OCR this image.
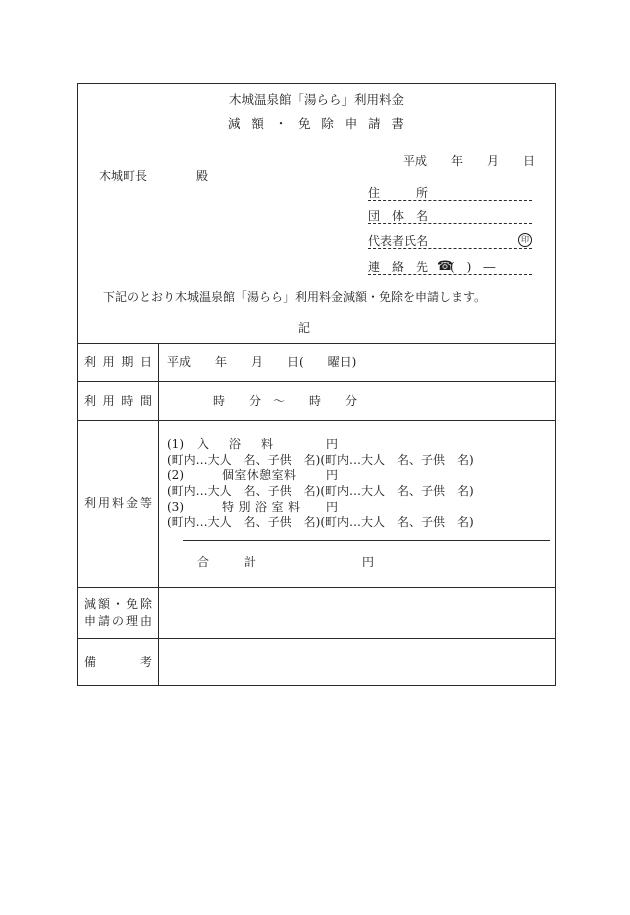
木城温泉館「湯らら」利用料金
減 額 ・ 免 除 申 請 書
平成　　年　　月　　日
木城町長	殿
住	所
団 体 名
代 表 者 氏 名	印
連 絡 先 ☎
(　)　―
下記のとおり木城温泉館「湯らら」利用料金減額・免除を申請します。
記
利 用 期 日 平成　　年　　月　　日(　　曜日)
利 用 時 間	時　　分　～　　時　　分
利 用 料 金 等
(1) 入 浴 料	円
(町内…大人　名、子供　名)(町内…大人　名、子供　名)
(2)	個 室 休 憩 室 料	円
(町内…大人　名、子供　名)(町内…大人　名、子供　名)
(3)	特 別 浴 室 料 円
(町内…大人　名、子供　名)(町内…大人　名、子供　名)
合	計	円
減 額 ・ 免 除
申 請 の 理 由
備	考
